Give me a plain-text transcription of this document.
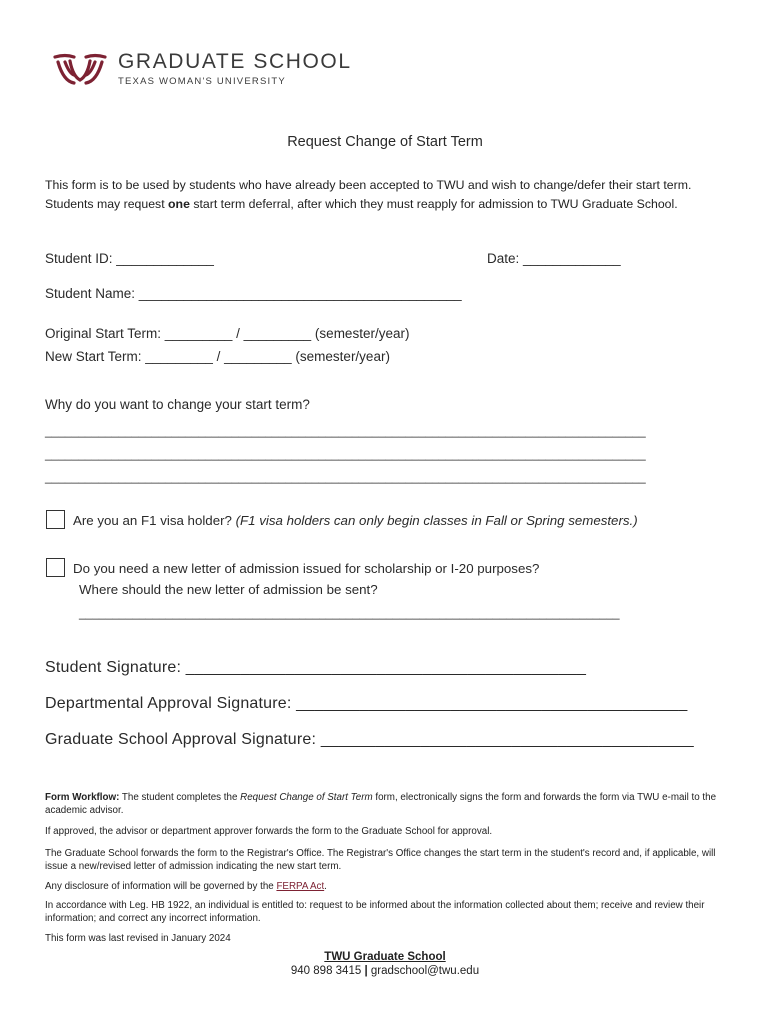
GRADUATE SCHOOL
TEXAS WOMAN'S UNIVERSITY
Request Change of Start Term
This form is to be used by students who have already been accepted to TWU and wish to change/defer their start term. Students may request one start term deferral, after which they must reapply for admission to TWU Graduate School.
Student ID: _____________	Date: _____________
Student Name: ___________________________________________
Original Start Term: _________ / _________ (semester/year)
New Start Term: _________ / _________ (semester/year)
Why do you want to change your start term?
__________________________________________________________________________________________
__________________________________________________________________________________________
__________________________________________________________________________________________
Are you an F1 visa holder? (F1 visa holders can only begin classes in Fall or Spring semesters.)
Do you need a new letter of admission issued for scholarship or I-20 purposes?
Where should the new letter of admission be sent?
_________________________________________________________________________________
Student Signature: ____________________________________________
Departmental Approval Signature: ___________________________________________
Graduate School Approval Signature: _________________________________________
Form Workflow: The student completes the Request Change of Start Term form, electronically signs the form and forwards the form via TWU e-mail to the academic advisor.
If approved, the advisor or department approver forwards the form to the Graduate School for approval.
The Graduate School forwards the form to the Registrar's Office. The Registrar's Office changes the start term in the student's record and, if applicable, will issue a new/revised letter of admission indicating the new start term.
Any disclosure of information will be governed by the FERPA Act.
In accordance with Leg. HB 1922, an individual is entitled to: request to be informed about the information collected about them; receive and review their information; and correct any incorrect information.
This form was last revised in January 2024
TWU Graduate School
940 898 3415 | gradschool@twu.edu
